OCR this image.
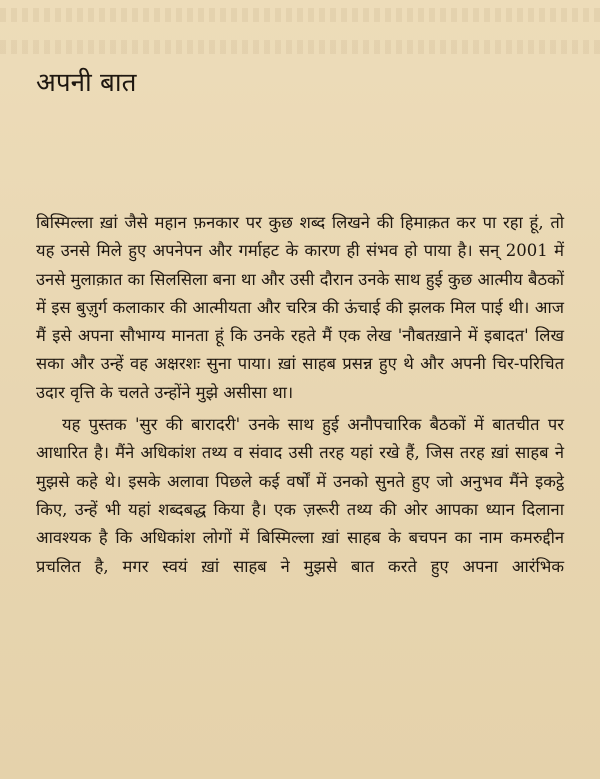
अपनी बात

बिस्मिल्ला ख़ां जैसे महान फ़नकार पर कुछ शब्द लिखने की हिमाक़त कर पा रहा हूं, तो यह उनसे मिले हुए अपनेपन और गर्माहट के कारण ही संभव हो पाया है। सन् 2001 में उनसे मुलाक़ात का सिलसिला बना था और उसी दौरान उनके साथ हुई कुछ आत्मीय बैठकों में इस बुज़ुर्ग कलाकार की आत्मीयता और चरित्र की ऊंचाई की झलक मिल पाई थी। आज मैं इसे अपना सौभाग्य मानता हूं कि उनके रहते मैं एक लेख 'नौबतख़ाने में इबादत' लिख सका और उन्हें वह अक्षरशः सुना पाया। ख़ां साहब प्रसन्न हुए थे और अपनी चिर-परिचित उदार वृत्ति के चलते उन्होंने मुझे असीसा था।

यह पुस्तक 'सुर की बारादरी' उनके साथ हुई अनौपचारिक बैठकों में बातचीत पर आधारित है। मैंने अधिकांश तथ्य व संवाद उसी तरह यहां रखे हैं, जिस तरह ख़ां साहब ने मुझसे कहे थे। इसके अलावा पिछले कई वर्षों में उनको सुनते हुए जो अनुभव मैंने इकट्ठे किए, उन्हें भी यहां शब्दबद्ध किया है। एक ज़रूरी तथ्य की ओर आपका ध्यान दिलाना आवश्यक है कि अधिकांश लोगों में बिस्मिल्ला ख़ां साहब के बचपन का नाम कमरुद्दीन प्रचलित है, मगर स्वयं ख़ां साहब ने मुझसे बात करते हुए अपना आरंभिक
